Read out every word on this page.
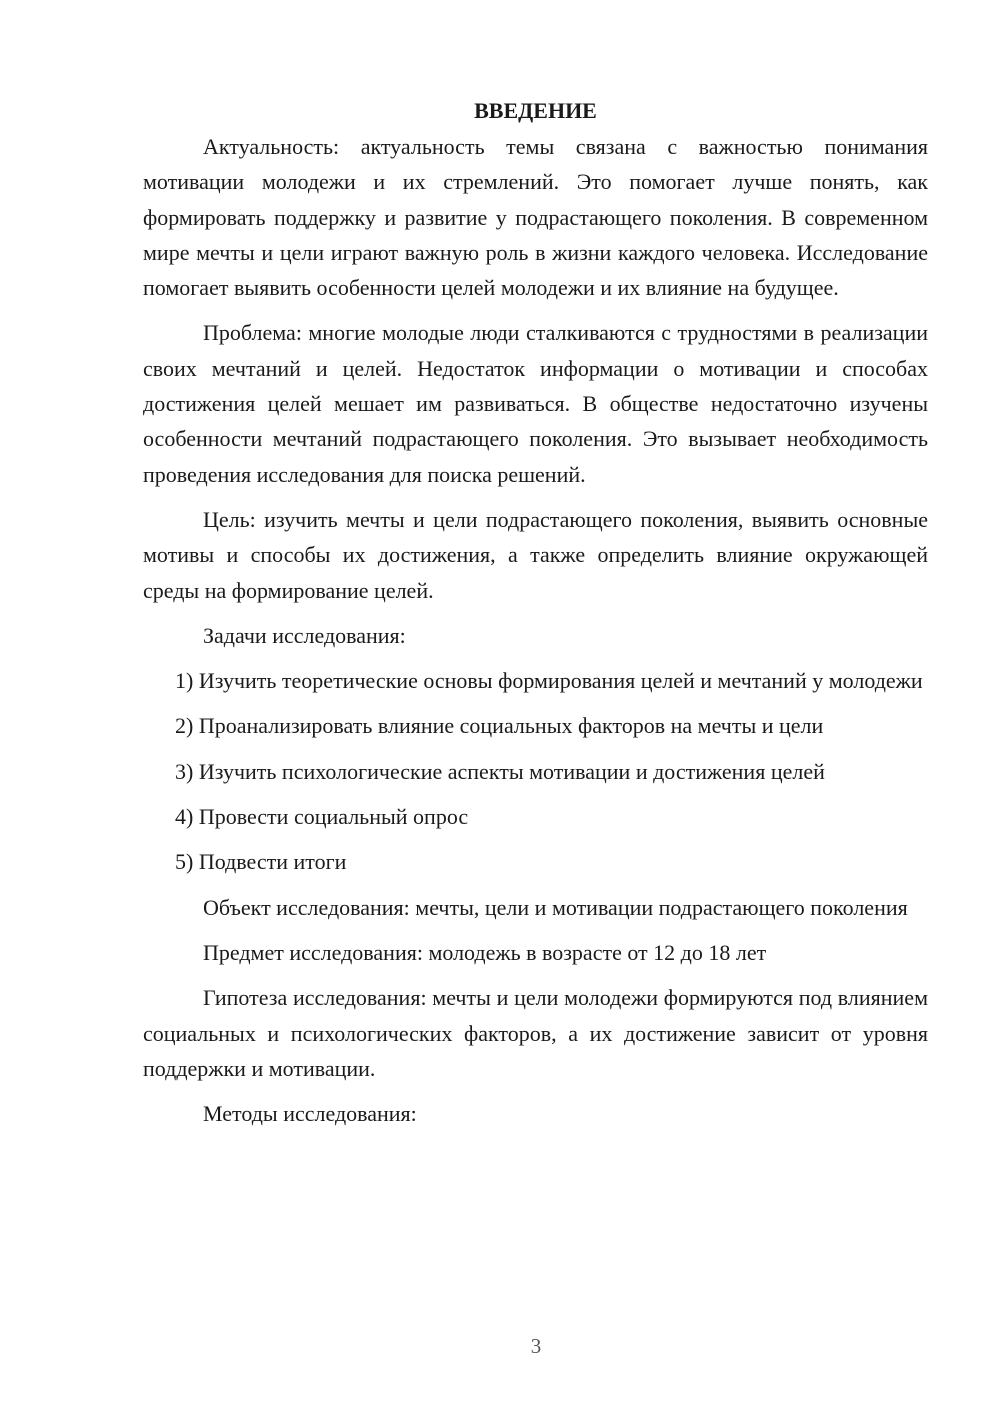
ВВЕДЕНИЕ

Актуальность: актуальность темы связана с важностью понимания мотивации молодежи и их стремлений. Это помогает лучше понять, как формировать поддержку и развитие у подрастающего поколения. В современном мире мечты и цели играют важную роль в жизни каждого человека. Исследование помогает выявить особенности целей молодежи и их влияние на будущее.

Проблема: многие молодые люди сталкиваются с трудностями в реализации своих мечтаний и целей. Недостаток информации о мотивации и способах достижения целей мешает им развиваться. В обществе недостаточно изучены особенности мечтаний подрастающего поколения. Это вызывает необходимость проведения исследования для поиска решений.

Цель: изучить мечты и цели подрастающего поколения, выявить основные мотивы и способы их достижения, а также определить влияние окружающей среды на формирование целей.

Задачи исследования:

1) Изучить теоретические основы формирования целей и мечтаний у молодежи

2) Проанализировать влияние социальных факторов на мечты и цели

3) Изучить психологические аспекты мотивации и достижения целей

4) Провести социальный опрос

5) Подвести итоги

Объект исследования: мечты, цели и мотивации подрастающего поколения

Предмет исследования: молодежь в возрасте от 12 до 18 лет

Гипотеза исследования: мечты и цели молодежи формируются под влиянием социальных и психологических факторов, а их достижение зависит от уровня поддержки и мотивации.

Методы исследования:

3
